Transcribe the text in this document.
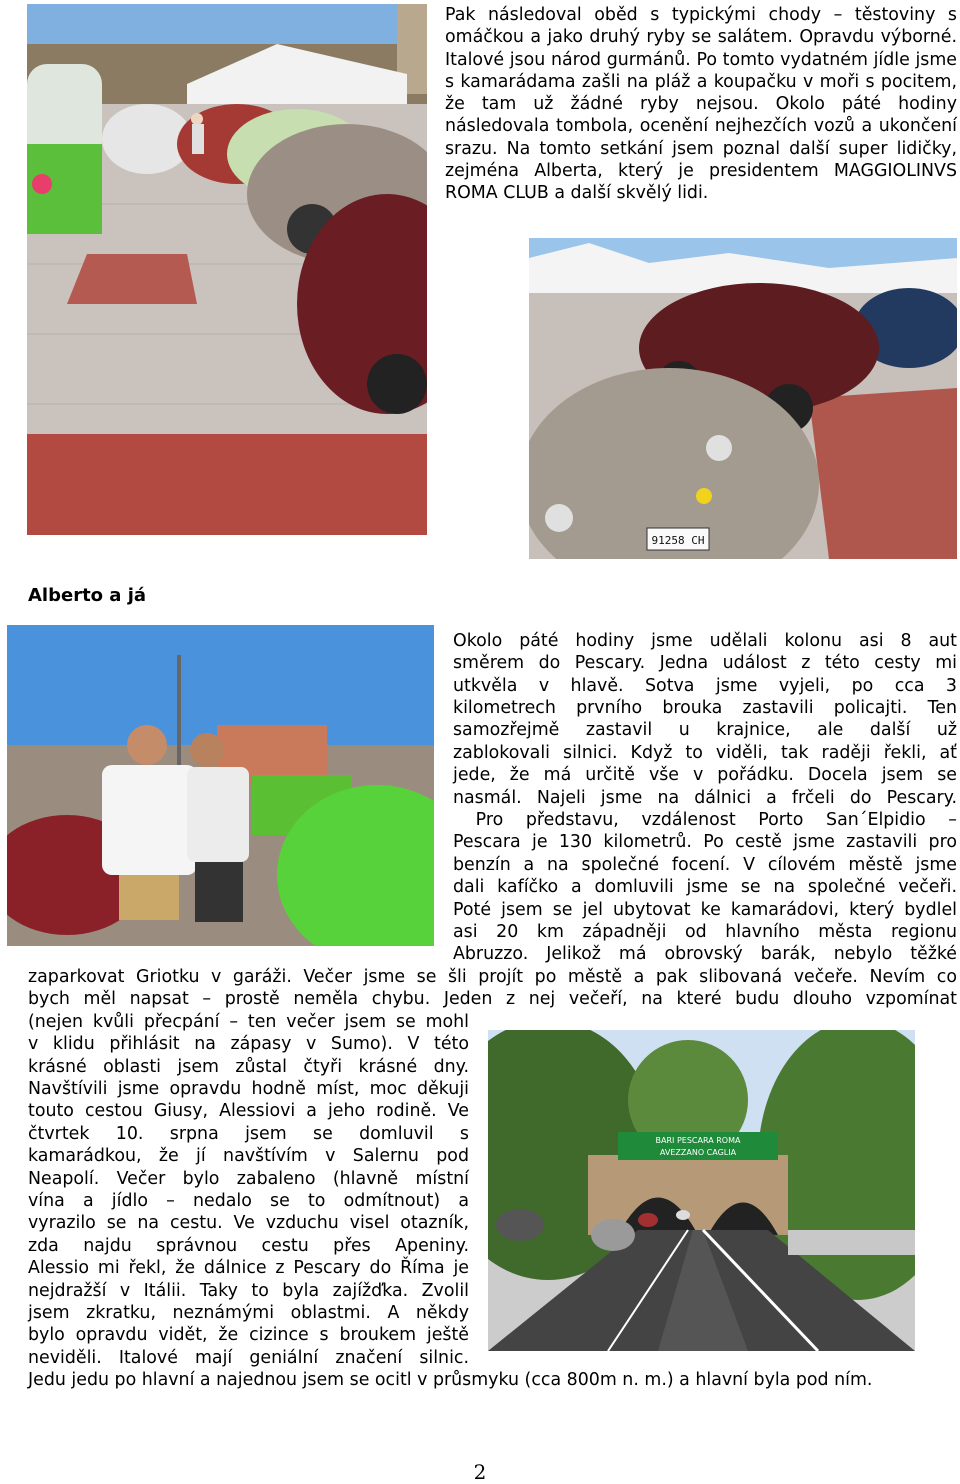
Pak následoval oběd s typickými chody – těstoviny s omáčkou a jako druhý ryby se salátem. Opravdu výborné. Italové jsou národ gurmánů. Po tomto vydatném jídle jsme s kamarádama zašli na pláž a koupačku v moři s pocitem, že tam už žádné ryby nejsou. Okolo páté hodiny následovala tombola, ocenění nejhezčích vozů a ukončení srazu. Na tomto setkání jsem poznal další super lidičky, zejména Alberta, který je presidentem MAGGIOLINVS ROMA CLUB a další skvělý lidi.
91258 CH
Alberto a já
Okolo páté hodiny jsme udělali kolonu asi 8 aut
směrem do Pescary. Jedna událost z této cesty mi
utkvěla v hlavě. Sotva jsme vyjeli, po cca 3
kilometrech prvního brouka zastavili policajti. Ten
samozřejmě zastavil u krajnice, ale další už
zablokovali silnici. Když to viděli, tak raději řekli, ať
jede, že má určitě vše v pořádku. Docela jsem se
nasmál. Najeli jsme na dálnici a frčeli do Pescary.
Pro představu, vzdálenost Porto San´Elpidio –
Pescara je 130 kilometrů. Po cestě jsme zastavili pro
benzín a na společné focení. V cílovém městě jsme
dali kafíčko a domluvili jsme se na společné večeři.
Poté jsem se jel ubytovat ke kamarádovi, který bydlel
asi 20 km západněji od hlavního města regionu
Abruzzo. Jelikož má obrovský barák, nebylo těžké
zaparkovat Griotku v garáži. Večer jsme se šli projít po městě a pak slibovaná večeře. Nevím co
bych měl napsat – prostě neměla chybu. Jeden z nej večeří, na které budu dlouho vzpomínat
BARI PESCARA ROMA
AVEZZANO CAGLIA
(nejen kvůli přecpání – ten večer jsem se mohl
v klidu přihlásit na zápasy v Sumo). V této
krásné oblasti jsem zůstal čtyři krásné dny.
Navštívili jsme opravdu hodně míst, moc děkuji
touto cestou Giusy, Alessiovi a jeho rodině. Ve
čtvrtek 10. srpna jsem se domluvil s
kamarádkou, že jí navštívím v Salernu pod
Neapolí. Večer bylo zabaleno (hlavně místní
vína a jídlo – nedalo se to odmítnout) a
vyrazilo se na cestu. Ve vzduchu visel otazník,
zda najdu správnou cestu přes Apeniny.
Alessio mi řekl, že dálnice z Pescary do Říma je
nejdražší v Itálii. Taky to byla zajížďka. Zvolil
jsem zkratku, neznámými oblastmi. A někdy
bylo opravdu vidět, že cizince s broukem ještě
neviděli. Italové mají geniální značení silnic.
Jedu jedu po hlavní a najednou jsem se ocitl v průsmyku (cca 800m n. m.) a hlavní byla pod ním.
2
